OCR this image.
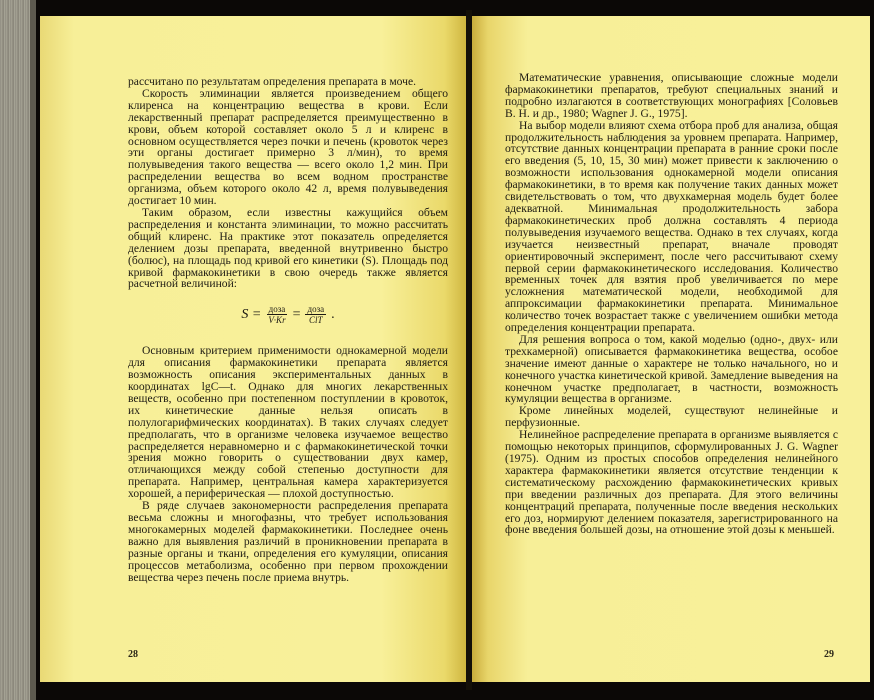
рассчитано по результатам определения препарата в моче.

Скорость элиминации является произведением общего клиренса на концентрацию вещества в крови. Если лекарственный препарат распределяется преимущественно в крови, объем которой составляет около 5 л и клиренс в основном осуществляется через почки и печень (кровоток через эти органы достигает примерно 3 л/мин), то время полувыведения такого вещества — всего около 1,2 мин. При распределении вещества во всем водном пространстве организма, объем которого около 42 л, время полувыведения достигает 10 мин.

Таким образом, если известны кажущийся объем распределения и константа элиминации, то можно рассчитать общий клиренс. На практике этот показатель определяется делением дозы препарата, введенной внутривенно быстро (болюс), на площадь под кривой его кинетики (S). Площадь под кривой фармакокинетики в свою очередь также является расчетной величиной:

$S = \frac{\text{доза}}{V\cdot Kr} = \frac{\text{доза}}{\text{ClT}}$ .

Основным критерием применимости однокамерной модели для описания фармакокинетики препарата является возможность описания экспериментальных данных в координатах lgC—t. Однако для многих лекарственных веществ, особенно при постепенном поступлении в кровоток, их кинетические данные нельзя описать в полулогарифмических координатах). В таких случаях следует предполагать, что в организме человека изучаемое вещество распределяется неравномерно и с фармакокинетической точки зрения можно говорить о существовании двух камер, отличающихся между собой степенью доступности для препарата. Например, центральная камера характеризуется хорошей, а периферическая — плохой доступностью.

В ряде случаев закономерности распределения препарата весьма сложны и многофазны, что требует использования многокамерных моделей фармакокинетики. Последнее очень важно для выявления различий в проникновении препарата в разные органы и ткани, определения его кумуляции, описания процессов метаболизма, особенно при первом прохождении вещества через печень после приема внутрь.

28

Математические уравнения, описывающие сложные модели фармакокинетики препаратов, требуют специальных знаний и подробно излагаются в соответствующих монографиях [Соловьев В. Н. и др., 1980; Wagner J. G., 1975].

На выбор модели влияют схема отбора проб для анализа, общая продолжительность наблюдения за уровнем препарата. Например, отсутствие данных концентрации препарата в ранние сроки после его введения (5, 10, 15, 30 мин) может привести к заключению о возможности использования однокамерной модели описания фармакокинетики, в то время как получение таких данных может свидетельствовать о том, что двухкамерная модель будет более адекватной. Минимальная продолжительность забора фармакокинетических проб должна составлять 4 периода полувыведения изучаемого вещества. Однако в тех случаях, когда изучается неизвестный препарат, вначале проводят ориентировочный эксперимент, после чего рассчитывают схему первой серии фармакокинетического исследования. Количество временных точек для взятия проб увеличивается по мере усложнения математической модели, необходимой для аппроксимации фармакокинетики препарата. Минимальное количество точек возрастает также с увеличением ошибки метода определения концентрации препарата.

Для решения вопроса о том, какой моделью (одно-, двух- или трехкамерной) описывается фармакокинетика вещества, особое значение имеют данные о характере не только начального, но и конечного участка кинетической кривой. Замедление выведения на конечном участке предполагает, в частности, возможность кумуляции вещества в организме.

Кроме линейных моделей, существуют нелинейные и перфузионные.

Нелинейное распределение препарата в организме выявляется с помощью некоторых принципов, сформулированных J. G. Wagner (1975). Одним из простых способов определения нелинейного характера фармакокинетики является отсутствие тенденции к систематическому расхождению фармакокинетических кривых при введении различных доз препарата. Для этого величины концентраций препарата, полученные после введения нескольких его доз, нормируют делением показателя, зарегистрированного на фоне введения большей дозы, на отношение этой дозы к меньшей.

29
